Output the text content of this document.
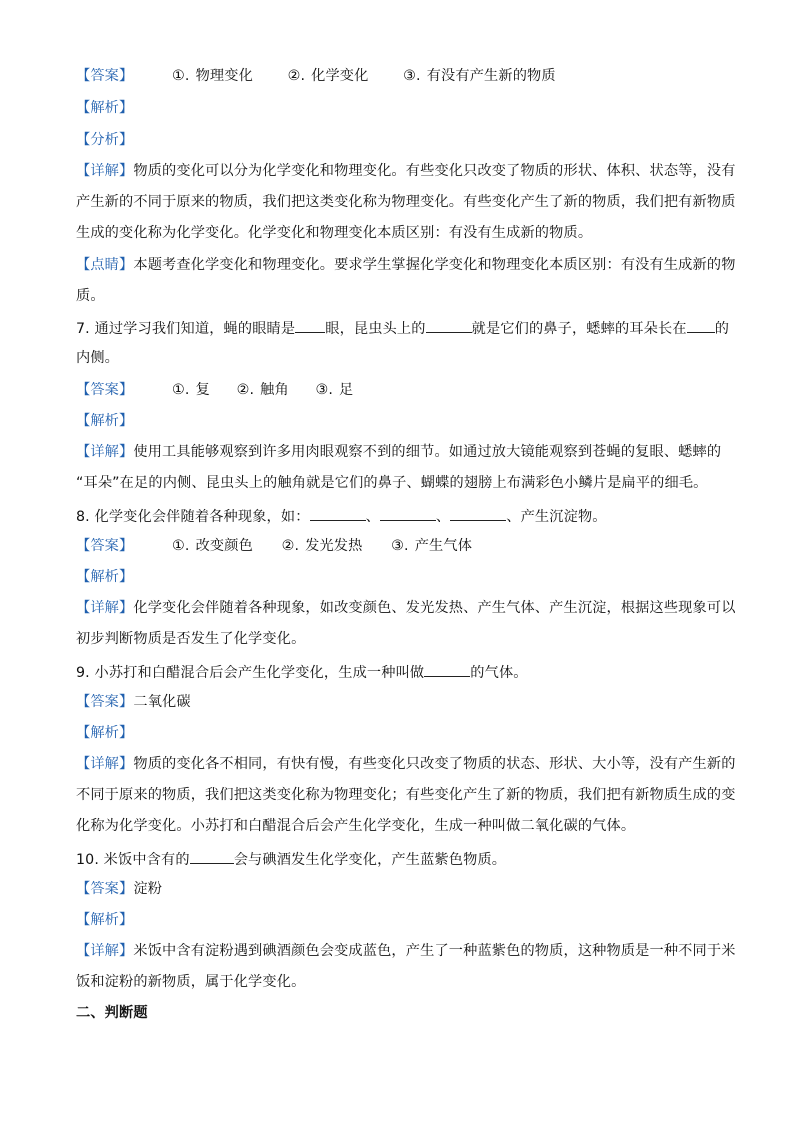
【答案】	①. 物理变化 ②. 化学变化 ③. 有没有产生新的物质
【解析】
【分析】
【详解】物质的变化可以分为化学变化和物理变化。有些变化只改变了物质的形状、体积、状态等，没有
产生新的不同于原来的物质，我们把这类变化称为物理变化。有些变化产生了新的物质，我们把有新物质
生成的变化称为化学变化。化学变化和物理变化本质区别：有没有生成新的物质。
【点睛】本题考查化学变化和物理变化。要求学生掌握化学变化和物理变化本质区别：有没有生成新的物
质。
7. 通过学习我们知道，蝇的眼睛是 眼，昆虫头上的	就是它们的鼻子，蟋蟀的耳朵长在 的
内侧。
【答案】	①. 复 ②. 触角 ③. 足
【解析】
【详解】使用工具能够观察到许多用肉眼观察不到的细节。如通过放大镜能观察到苍蝇的复眼、蟋蟀的
“耳朵”在足的内侧、昆虫头上的触角就是它们的鼻子、蝴蝶的翅膀上布满彩色小鳞片是扁平的细毛。
8. 化学变化会伴随着各种现象，如：	、	、	、产生沉淀物。
【答案】	①. 改变颜色 ②. 发光发热 ③. 产生气体
【解析】
【详解】化学变化会伴随着各种现象，如改变颜色、发光发热、产生气体、产生沉淀，根据这些现象可以
初步判断物质是否发生了化学变化。
9. 小苏打和白醋混合后会产生化学变化，生成一种叫做	的气体。
【答案】二氧化碳
【解析】
【详解】物质的变化各不相同，有快有慢，有些变化只改变了物质的状态、形状、大小等，没有产生新的
不同于原来的物质，我们把这类变化称为物理变化；有些变化产生了新的物质，我们把有新物质生成的变
化称为化学变化。小苏打和白醋混合后会产生化学变化，生成一种叫做二氧化碳的气体。
10. 米饭中含有的	会与碘酒发生化学变化，产生蓝紫色物质。
【答案】淀粉
【解析】
【详解】米饭中含有淀粉遇到碘酒颜色会变成蓝色，产生了一种蓝紫色的物质，这种物质是一种不同于米
饭和淀粉的新物质，属于化学变化。
二、判断题
